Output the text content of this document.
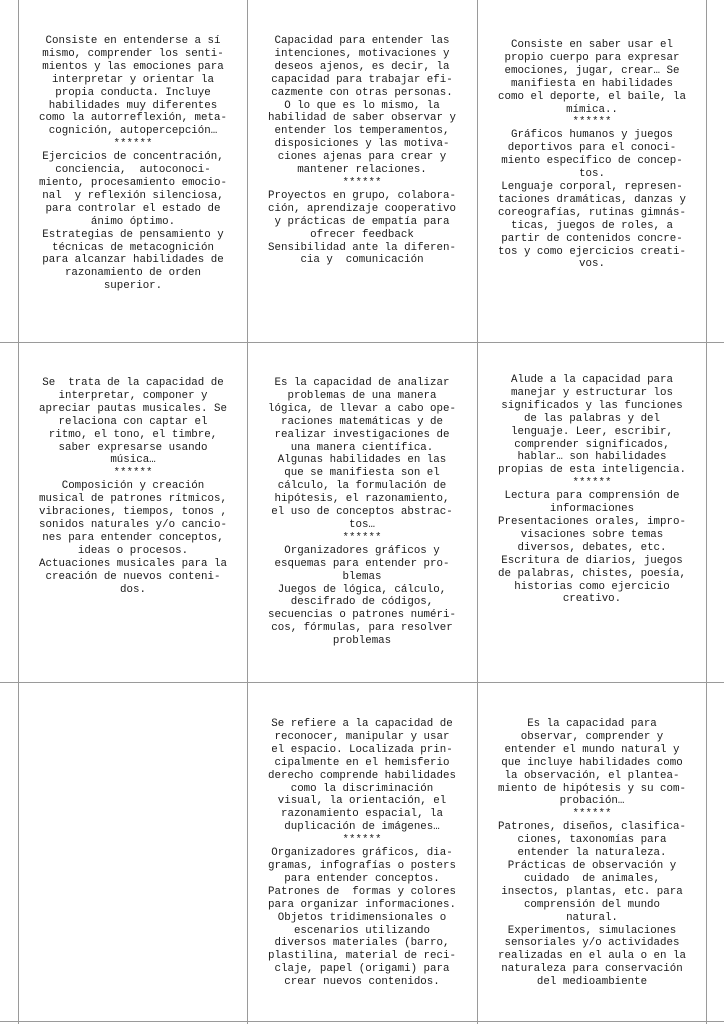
Consiste en entenderse a sí
mismo, comprender los senti-
mientos y las emociones para
interpretar y orientar la
propia conducta. Incluye
habilidades muy diferentes
como la autorreflexión, meta-
cognición, autopercepción…
******
Ejercicios de concentración,
conciencia,  autoconoci-
miento, procesamiento emocio-
nal  y reflexión silenciosa,
para controlar el estado de
ánimo óptimo.
Estrategias de pensamiento y
técnicas de metacognición
para alcanzar habilidades de
razonamiento de orden
superior.
Capacidad para entender las
intenciones, motivaciones y
deseos ajenos, es decir, la
capacidad para trabajar efi-
cazmente con otras personas.
O lo que es lo mismo, la
habilidad de saber observar y
entender los temperamentos,
disposiciones y las motiva-
ciones ajenas para crear y
mantener relaciones.
******
Proyectos en grupo, colabora-
ción, aprendizaje cooperativo
y prácticas de empatía para
ofrecer feedback
Sensibilidad ante la diferen-
cia y  comunicación
Consiste en saber usar el
propio cuerpo para expresar
emociones, jugar, crear… Se
manifiesta en habilidades
como el deporte, el baile, la
mímica..
******
Gráficos humanos y juegos
deportivos para el conoci-
miento específico de concep-
tos.
Lenguaje corporal, represen-
taciones dramáticas, danzas y
coreografías, rutinas gimnás-
ticas, juegos de roles, a
partir de contenidos concre-
tos y como ejercicios creati-
vos.
Se  trata de la capacidad de
interpretar, componer y
apreciar pautas musicales. Se
relaciona con captar el
ritmo, el tono, el timbre,
saber expresarse usando
música…
******
Composición y creación
musical de patrones rítmicos,
vibraciones, tiempos, tonos ,
sonidos naturales y/o cancio-
nes para entender conceptos,
ideas o procesos.
Actuaciones musicales para la
creación de nuevos conteni-
dos.
Es la capacidad de analizar
problemas de una manera
lógica, de llevar a cabo ope-
raciones matemáticas y de
realizar investigaciones de
una manera científica.
Algunas habilidades en las
que se manifiesta son el
cálculo, la formulación de
hipótesis, el razonamiento,
el uso de conceptos abstrac-
tos…
******
Organizadores gráficos y
esquemas para entender pro-
blemas
Juegos de lógica, cálculo,
descifrado de códigos,
secuencias o patrones numéri-
cos, fórmulas, para resolver
problemas
Alude a la capacidad para
manejar y estructurar los
significados y las funciones
de las palabras y del
lenguaje. Leer, escribir,
comprender significados,
hablar… son habilidades
propias de esta inteligencia.
******
Lectura para comprensión de
informaciones
Presentaciones orales, impro-
visaciones sobre temas
diversos, debates, etc.
Escritura de diarios, juegos
de palabras, chistes, poesía,
historias como ejercicio
creativo.
Se refiere a la capacidad de
reconocer, manipular y usar
el espacio. Localizada prin-
cipalmente en el hemisferio
derecho comprende habilidades
como la discriminación
visual, la orientación, el
razonamiento espacial, la
duplicación de imágenes…
******
Organizadores gráficos, dia-
gramas, infografías o posters
para entender conceptos.
Patrones de  formas y colores
para organizar informaciones.
Objetos tridimensionales o
escenarios utilizando
diversos materiales (barro,
plastilina, material de reci-
claje, papel (origami) para
crear nuevos contenidos.
Es la capacidad para
observar, comprender y
entender el mundo natural y
que incluye habilidades como
la observación, el plantea-
miento de hipótesis y su com-
probación…
******
Patrones, diseños, clasifica-
ciones, taxonomías para
entender la naturaleza.
Prácticas de observación y
cuidado  de animales,
insectos, plantas, etc. para
comprensión del mundo
natural.
Experimentos, simulaciones
sensoriales y/o actividades
realizadas en el aula o en la
naturaleza para conservación
del medioambiente
